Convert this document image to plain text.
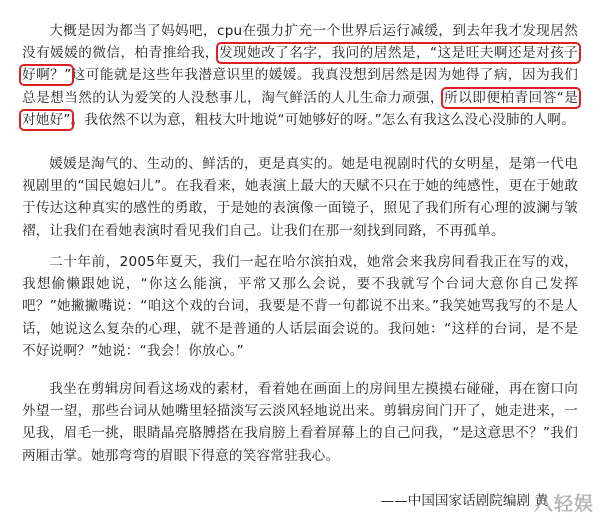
大概是因为都当了妈妈吧，cpu在强力扩充一个世界后运行减缓，到去年我才发现居然没有媛媛的微信，柏青推给我，发现她改了名字，我问的居然是，“这是旺夫啊还是对孩子好啊？”这可能就是这些年我潜意识里的媛媛。我真没想到居然是因为她得了病，因为我们总是想当然的认为爱笑的人没愁事儿，淘气鲜活的人儿生命力顽强，所以即便柏青回答“是对她好”。我依然不以为意，粗枝大叶地说“可她够好的呀。”怎么有我这么没心没肺的人啊。

媛媛是淘气的、生动的、鲜活的，更是真实的。她是电视剧时代的女明星，是第一代电视剧里的“国民媳妇儿”。在我看来，她表演上最大的天赋不只在于她的纯感性，更在于她敢于传达这种真实的感性的勇敢，于是她的表演像一面镜子，照见了我们所有心理的波澜与皱褶，让我们在看她表演时看见我们自己。让我们在那一刻找到同路，不再孤单。

二十年前，2005年夏天，我们一起在哈尔滨拍戏，她常会来我房间看我正在写的戏，我想偷懒跟她说，“你这么能演，平常又那么会说，要不我就写个台词大意你自己发挥吧？”她撇撇嘴说：“咱这个戏的台词，我要是不背一句都说不出来。”我笑她骂我写的不是人话，她说这么复杂的心理，就不是普通的人话层面会说的。我问她：“这样的台词，是不是不好说啊？”她说：“我会！你放心。”

我坐在剪辑房间看这场戏的素材，看着她在画面上的房间里左摸摸右碰碰，再在窗口向外望一望，那些台词从她嘴里轻描淡写云淡风轻地说出来。剪辑房间门开了，她走进来，一见我，眉毛一挑，眼睛晶亮胳膊搭在我肩膀上看着屏幕上的自己问我，“是这意思不？”我们两厢击掌。她那弯弯的眉眼下得意的笑容常驻我心。

——中国国家话剧院编剧 黄
八轻娱
